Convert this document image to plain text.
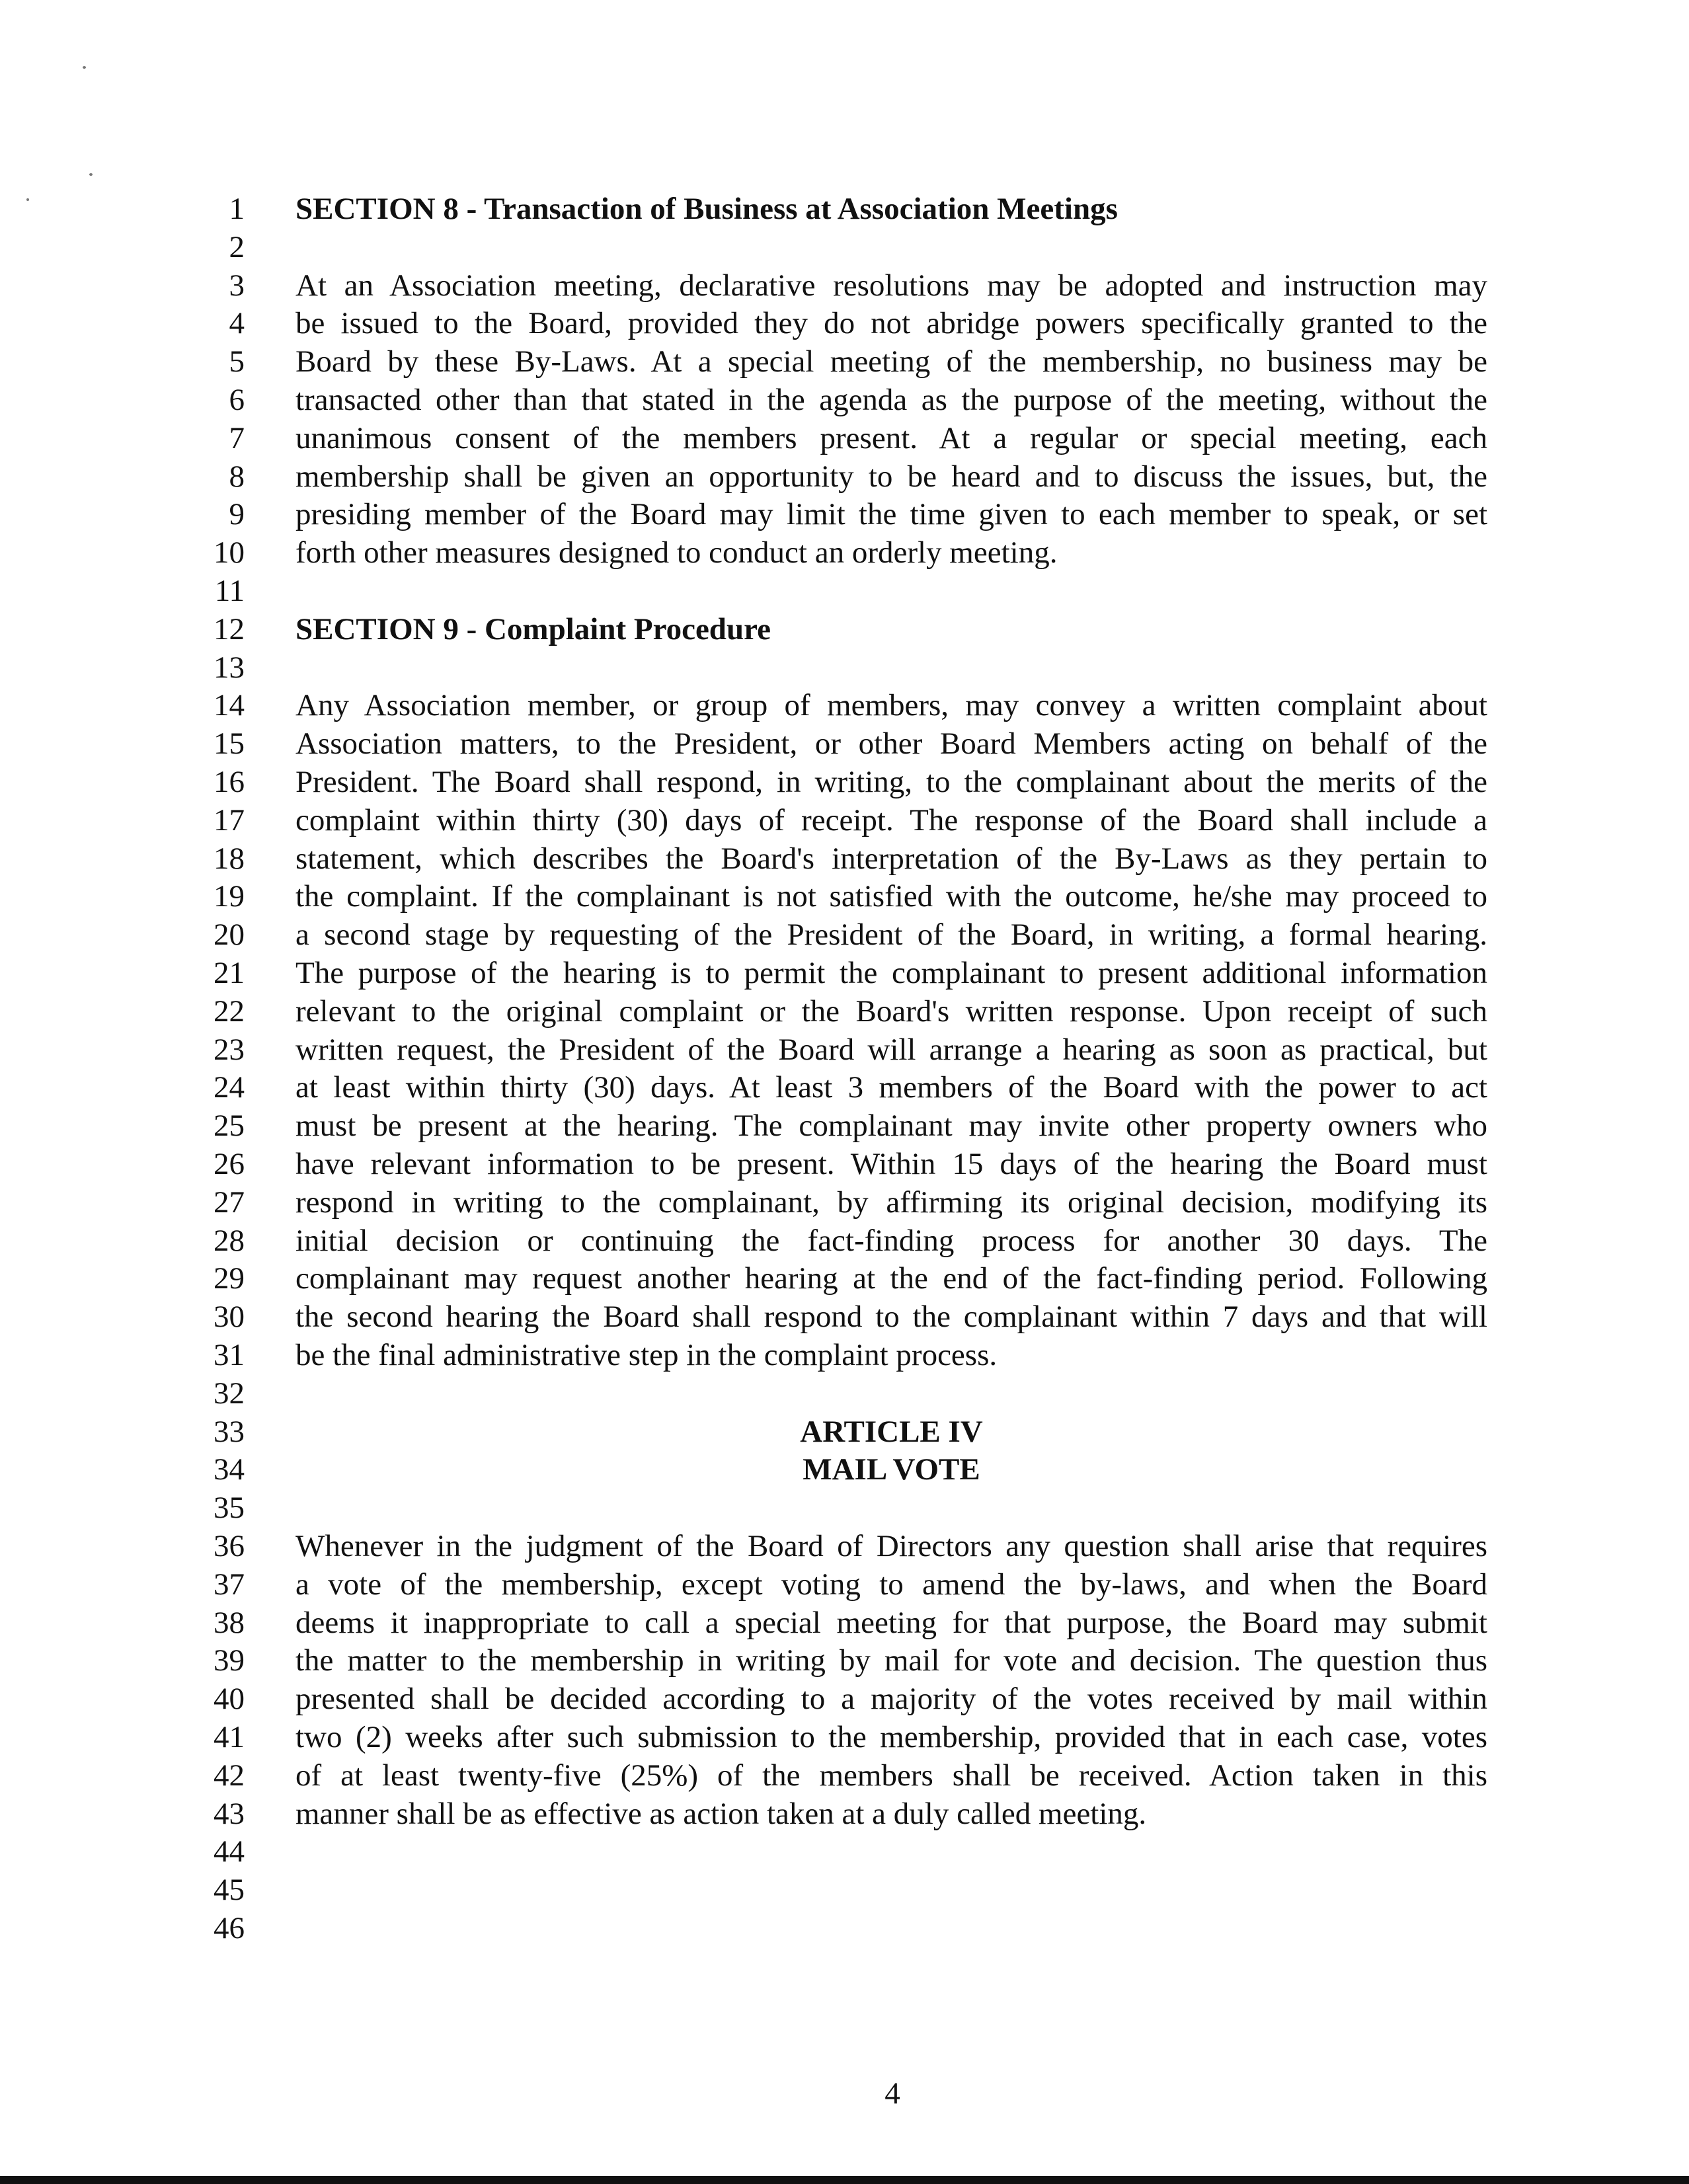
1 SECTION 8 - Transaction of Business at Association Meetings
2
3 At an Association meeting, declarative resolutions may be adopted and instruction may
4 be issued to the Board, provided they do not abridge powers specifically granted to the
5 Board by these By-Laws. At a special meeting of the membership, no business may be
6 transacted other than that stated in the agenda as the purpose of the meeting, without the
7 unanimous consent of the members present. At a regular or special meeting, each
8 membership shall be given an opportunity to be heard and to discuss the issues, but, the
9 presiding member of the Board may limit the time given to each member to speak, or set
10 forth other measures designed to conduct an orderly meeting.
11
12 SECTION 9 - Complaint Procedure
13
14 Any Association member, or group of members, may convey a written complaint about
15 Association matters, to the President, or other Board Members acting on behalf of the
16 President. The Board shall respond, in writing, to the complainant about the merits of the
17 complaint within thirty (30) days of receipt. The response of the Board shall include a
18 statement, which describes the Board's interpretation of the By-Laws as they pertain to
19 the complaint. If the complainant is not satisfied with the outcome, he/she may proceed to
20 a second stage by requesting of the President of the Board, in writing, a formal hearing.
21 The purpose of the hearing is to permit the complainant to present additional information
22 relevant to the original complaint or the Board's written response. Upon receipt of such
23 written request, the President of the Board will arrange a hearing as soon as practical, but
24 at least within thirty (30) days. At least 3 members of the Board with the power to act
25 must be present at the hearing. The complainant may invite other property owners who
26 have relevant information to be present. Within 15 days of the hearing the Board must
27 respond in writing to the complainant, by affirming its original decision, modifying its
28 initial decision or continuing the fact-finding process for another 30 days. The
29 complainant may request another hearing at the end of the fact-finding period. Following
30 the second hearing the Board shall respond to the complainant within 7 days and that will
31 be the final administrative step in the complaint process.
32
33	ARTICLE IV
34	MAIL VOTE
35
36 Whenever in the judgment of the Board of Directors any question shall arise that requires
37 a vote of the membership, except voting to amend the by-laws, and when the Board
38 deems it inappropriate to call a special meeting for that purpose, the Board may submit
39 the matter to the membership in writing by mail for vote and decision. The question thus
40 presented shall be decided according to a majority of the votes received by mail within
41 two (2) weeks after such submission to the membership, provided that in each case, votes
42 of at least twenty-five (25%) of the members shall be received. Action taken in this
43 manner shall be as effective as action taken at a duly called meeting.
44
45
46
4
